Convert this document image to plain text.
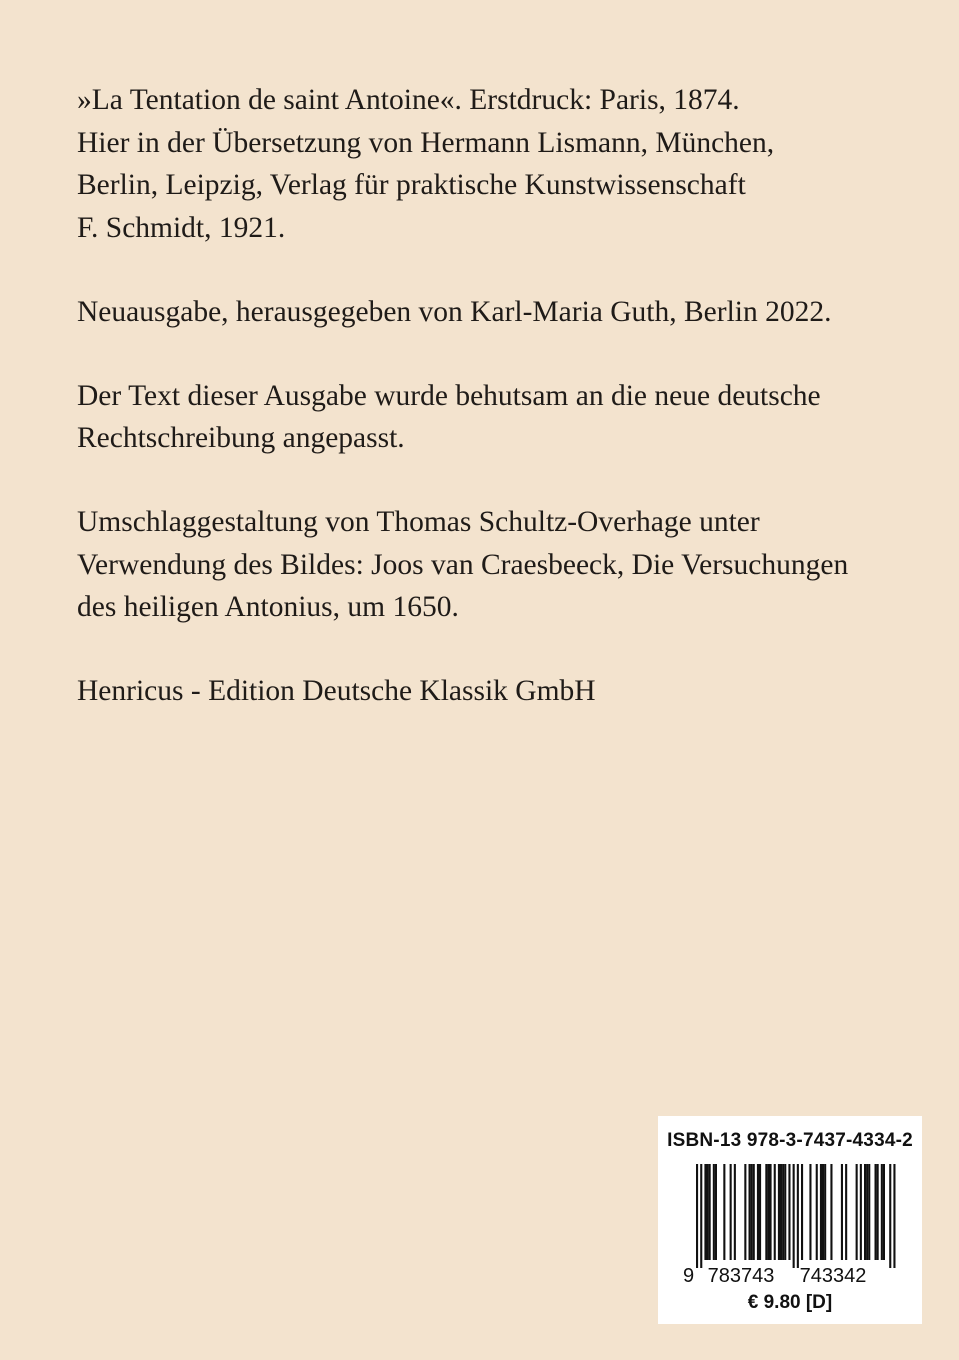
»La Tentation de saint Antoine«. Erstdruck: Paris, 1874.
Hier in der Übersetzung von Hermann Lismann, München,
Berlin, Leipzig, Verlag für praktische Kunstwissenschaft
F. Schmidt, 1921.

Neuausgabe, herausgegeben von Karl-Maria Guth, Berlin 2022.

Der Text dieser Ausgabe wurde behutsam an die neue deutsche
Rechtschreibung angepasst.

Umschlaggestaltung von Thomas Schultz-Overhage unter
Verwendung des Bildes: Joos van Craesbeeck, Die Versuchungen
des heiligen Antonius, um 1650.

Henricus - Edition Deutsche Klassik GmbH

ISBN-13 978-3-7437-4334-2
9 783743 743342
€ 9.80 [D]
